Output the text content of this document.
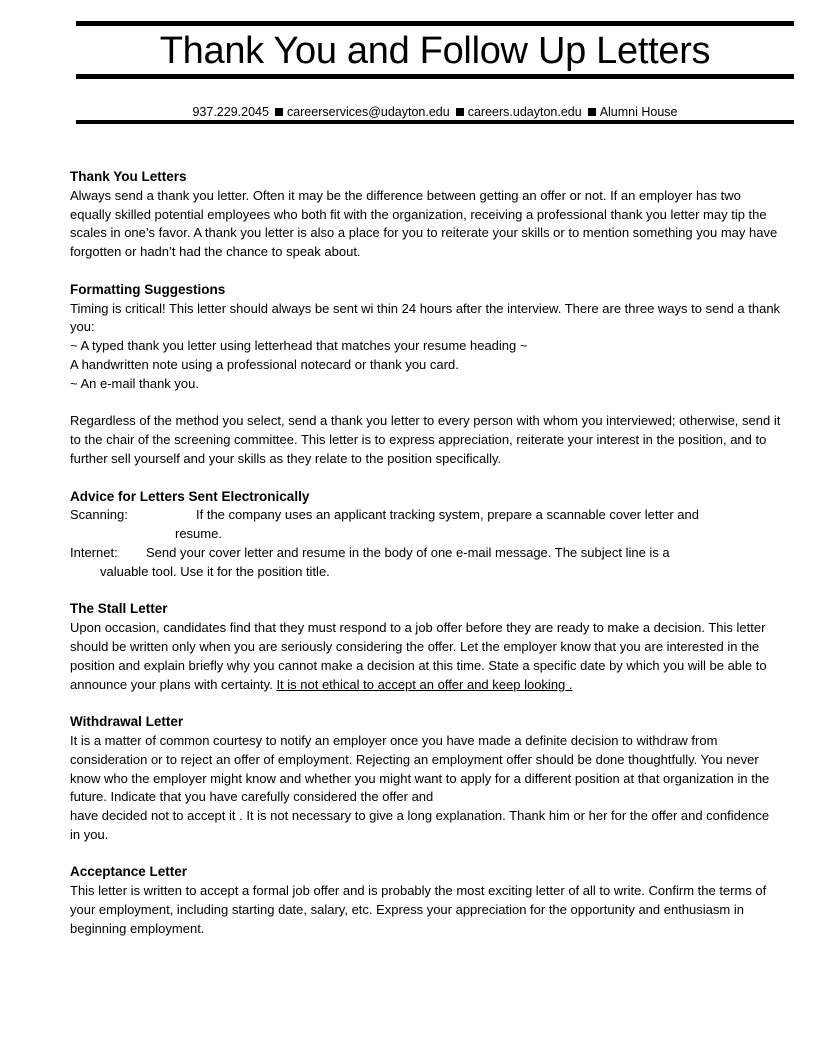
Thank You and Follow Up Letters
937.229.2045 careerservices@udayton.edu careers.udayton.edu Alumni House
Thank You Letters

Always send a thank you letter. Often it may be the difference between getting an offer or not. If an employer has two equally skilled potential employees who both fit with the organization, receiving a professional thank you letter may tip the scales in one’s favor. A thank you letter is also a place for you to reiterate your skills or to mention something you may have forgotten or hadn’t had the chance to speak about.

Formatting Suggestions

Timing is critical! This letter should always be sent wi thin 24 hours after the interview. There are three ways to send a thank you:

~ A typed thank you letter using letterhead that matches your resume heading ~

A handwritten note using a professional notecard or thank you card.

~ An e-mail thank you.

Regardless of the method you select, send a thank you letter to every person with whom you interviewed; otherwise, send it to the chair of the screening committee. This letter is to express appreciation, reiterate your interest in the position, and to further sell yourself and your skills as they relate to the position specifically.

Advice for Letters Sent Electronically
Scanning:	If the company uses an applicant tracking system, prepare a scannable cover letter and

resume.

Internet:	Send your cover letter and resume in the body of one e-mail message. The subject line is a

valuable tool. Use it for the position title.

The Stall Letter

Upon occasion, candidates find that they must respond to a job offer before they are ready to make a decision. This letter should be written only when you are seriously considering the offer. Let the employer know that you are interested in the position and explain briefly why you cannot make a decision at this time. State a specific date by which you will be able to announce your plans with certainty. It is not ethical to accept an offer and keep looking .

Withdrawal Letter

It is a matter of common courtesy to notify an employer once you have made a definite decision to withdraw from consideration or to reject an offer of employment. Rejecting an employment offer should be done thoughtfully. You never know who the employer might know and whether you might want to apply for a different position at that organization in the future. Indicate that you have carefully considered the offer and

have decided not to accept it . It is not necessary to give a long explanation. Thank him or her for the offer and confidence in you.

Acceptance Letter

This letter is written to accept a formal job offer and is probably the most exciting letter of all to write. Confirm the terms of your employment, including starting date, salary, etc. Express your appreciation for the opportunity and enthusiasm in beginning employment.
